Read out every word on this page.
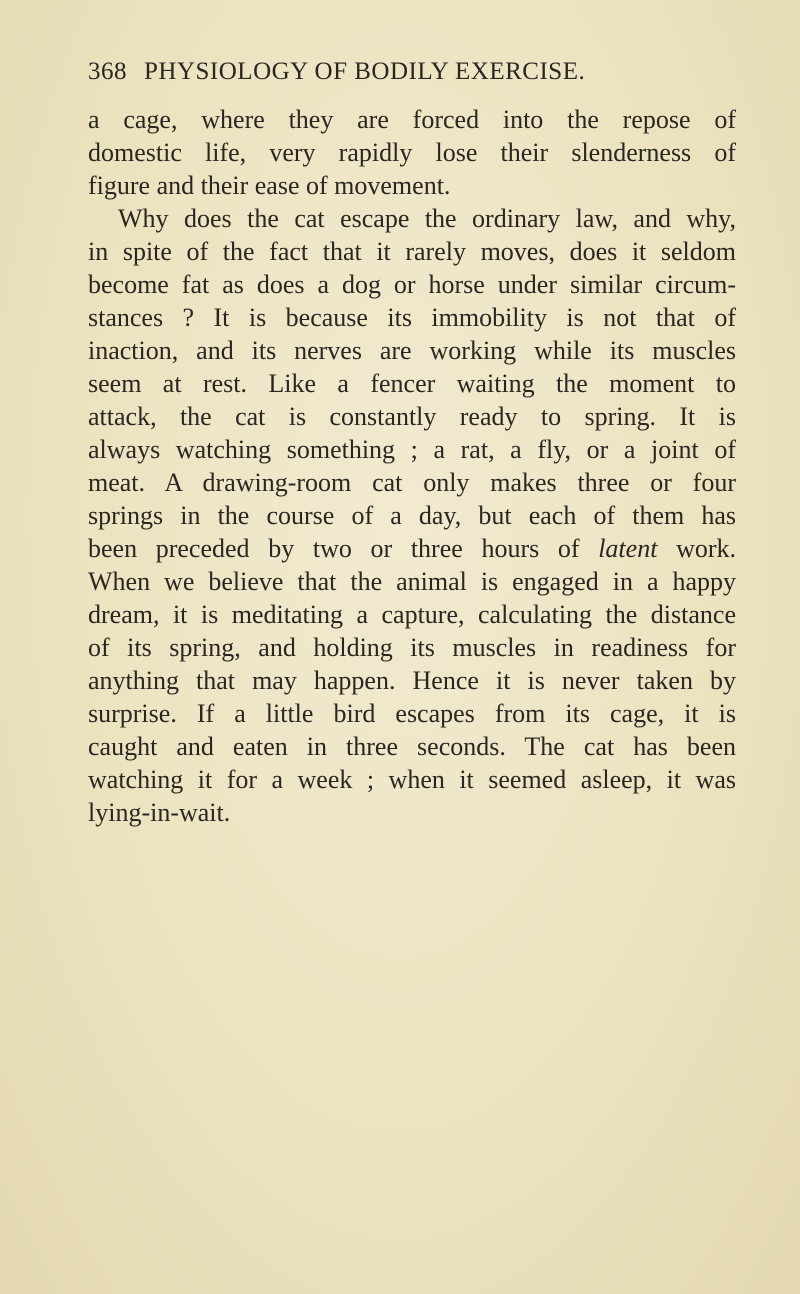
368 PHYSIOLOGY OF BODILY EXERCISE.
a cage, where they are forced into the repose of
domestic life, very rapidly lose their slenderness of
figure and their ease of movement.
Why does the cat escape the ordinary law, and why,
in spite of the fact that it rarely moves, does it seldom
become fat as does a dog or horse under similar circum-
stances ? It is because its immobility is not that of
inaction, and its nerves are working while its muscles
seem at rest. Like a fencer waiting the moment to
attack, the cat is constantly ready to spring. It is
always watching something ; a rat, a fly, or a joint of
meat. A drawing-room cat only makes three or four
springs in the course of a day, but each of them has
been preceded by two or three hours of latent work.
When we believe that the animal is engaged in a happy
dream, it is meditating a capture, calculating the distance
of its spring, and holding its muscles in readiness for
anything that may happen. Hence it is never taken by
surprise. If a little bird escapes from its cage, it is
caught and eaten in three seconds. The cat has been
watching it for a week ; when it seemed asleep, it was
lying-in-wait.
